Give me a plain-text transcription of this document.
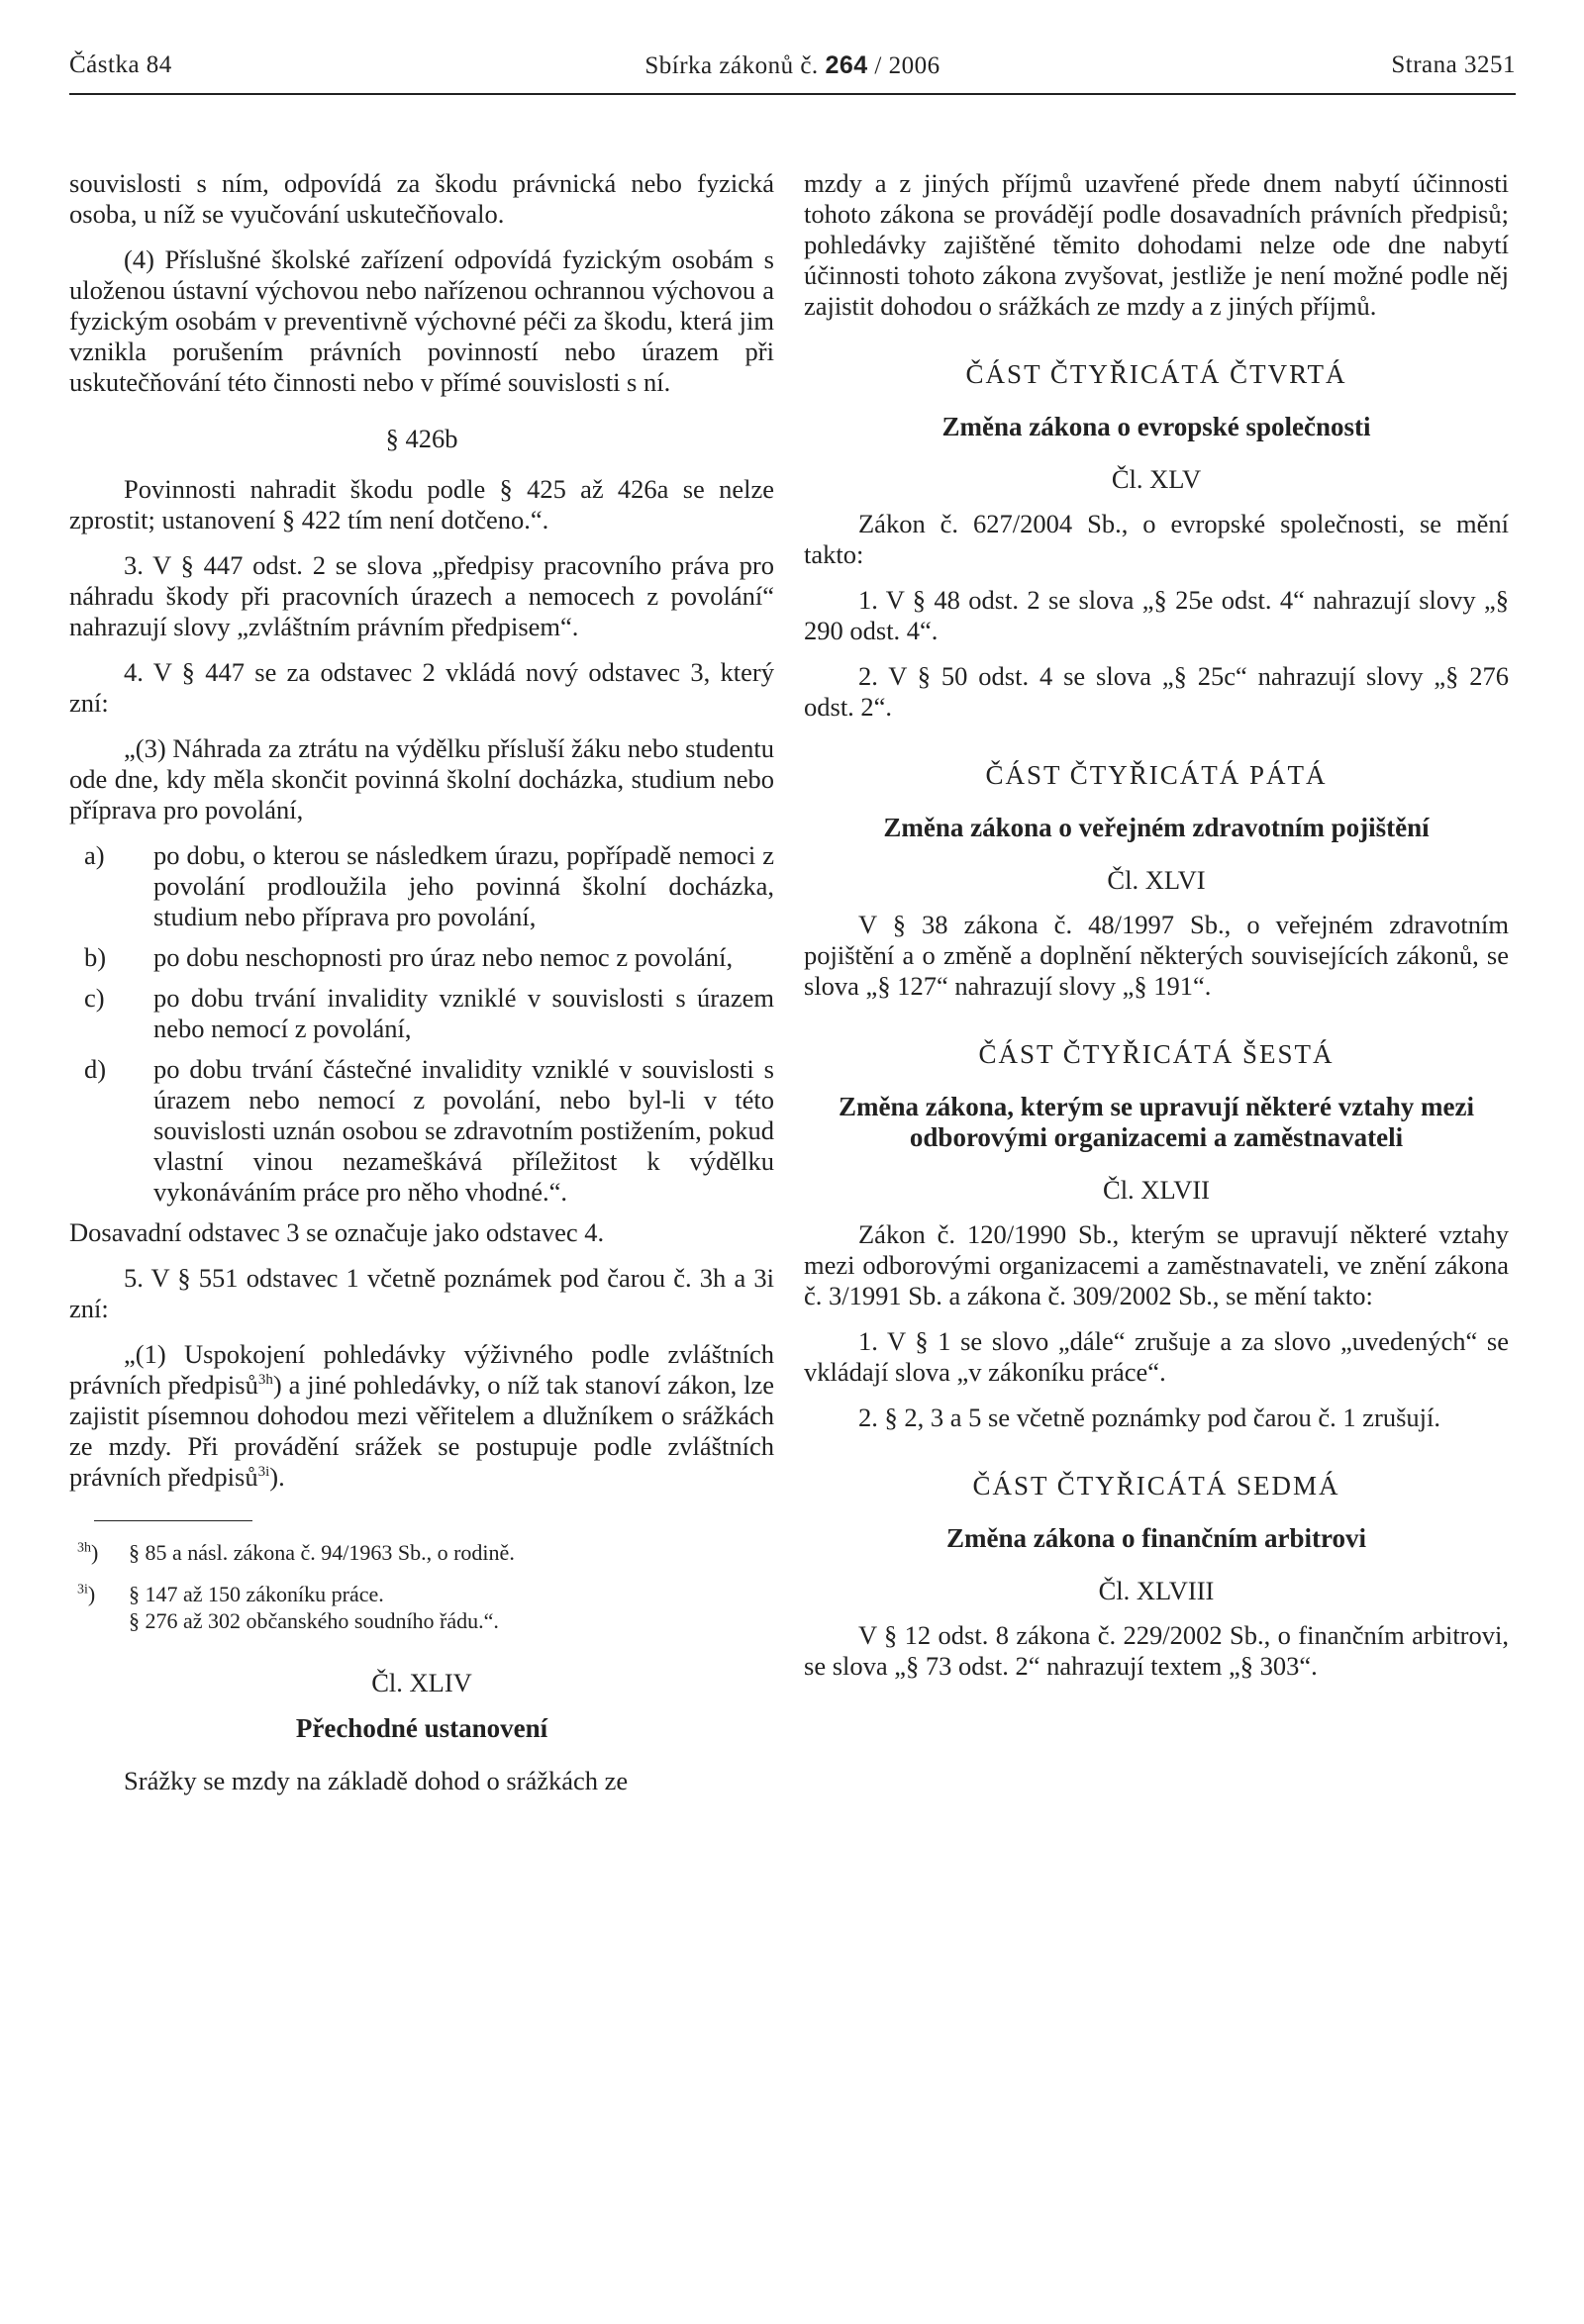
Částka 84	Sbírka zákonů č. 264 / 2006	Strana 3251

souvislosti s ním, odpovídá za škodu právnická nebo fyzická osoba, u níž se vyučování uskutečňovalo.

(4) Příslušné školské zařízení odpovídá fyzickým osobám s uloženou ústavní výchovou nebo nařízenou ochrannou výchovou a fyzickým osobám v preventivně výchovné péči za škodu, která jim vznikla porušením právních povinností nebo úrazem při uskutečňování této činnosti nebo v přímé souvislosti s ní.

§ 426b

Povinnosti nahradit škodu podle § 425 až 426a se nelze zprostit; ustanovení § 422 tím není dotčeno.“.

3. V § 447 odst. 2 se slova „předpisy pracovního práva pro náhradu škody při pracovních úrazech a nemocech z povolání“ nahrazují slovy „zvláštním právním předpisem“.

4. V § 447 se za odstavec 2 vkládá nový odstavec 3, který zní:

„(3) Náhrada za ztrátu na výdělku přísluší žáku nebo studentu ode dne, kdy měla skončit povinná školní docházka, studium nebo příprava pro povolání,

a) po dobu, o kterou se následkem úrazu, popřípadě nemoci z povolání prodloužila jeho povinná školní docházka, studium nebo příprava pro povolání,
b) po dobu neschopnosti pro úraz nebo nemoc z povolání,
c) po dobu trvání invalidity vzniklé v souvislosti s úrazem nebo nemocí z povolání,
d) po dobu trvání částečné invalidity vzniklé v souvislosti s úrazem nebo nemocí z povolání, nebo byl-li v této souvislosti uznán osobou se zdravotním postižením, pokud vlastní vinou nezameškává příležitost k výdělku vykonáváním práce pro něho vhodné.“.

Dosavadní odstavec 3 se označuje jako odstavec 4.

5. V § 551 odstavec 1 včetně poznámek pod čarou č. 3h a 3i zní:

„(1) Uspokojení pohledávky výživného podle zvláštních právních předpisů$^{3h}$) a jiné pohledávky, o níž tak stanoví zákon, lze zajistit písemnou dohodou mezi věřitelem a dlužníkem o srážkách ze mzdy. Při provádění srážek se postupuje podle zvláštních právních předpisů$^{3i}$).

$^{3h}$) § 85 a násl. zákona č. 94/1963 Sb., o rodině.

$^{3i}$) § 147 až 150 zákoníku práce.
§ 276 až 302 občanského soudního řádu.“.

Čl. XLIV

Přechodné ustanovení

Srážky se mzdy na základě dohod o srážkách ze

mzdy a z jiných příjmů uzavřené přede dnem nabytí účinnosti tohoto zákona se provádějí podle dosavadních právních předpisů; pohledávky zajištěné těmito dohodami nelze ode dne nabytí účinnosti tohoto zákona zvyšovat, jestliže je není možné podle něj zajistit dohodou o srážkách ze mzdy a z jiných příjmů.

ČÁST ČTYŘICÁTÁ ČTVRTÁ

Změna zákona o evropské společnosti

Čl. XLV

Zákon č. 627/2004 Sb., o evropské společnosti, se mění takto:

1. V § 48 odst. 2 se slova „§ 25e odst. 4“ nahrazují slovy „§ 290 odst. 4“.

2. V § 50 odst. 4 se slova „§ 25c“ nahrazují slovy „§ 276 odst. 2“.

ČÁST ČTYŘICÁTÁ PÁTÁ

Změna zákona o veřejném zdravotním pojištění

Čl. XLVI

V § 38 zákona č. 48/1997 Sb., o veřejném zdravotním pojištění a o změně a doplnění některých souvisejících zákonů, se slova „§ 127“ nahrazují slovy „§ 191“.

ČÁST ČTYŘICÁTÁ ŠESTÁ

Změna zákona, kterým se upravují některé vztahy mezi odborovými organizacemi a zaměstnavateli

Čl. XLVII

Zákon č. 120/1990 Sb., kterým se upravují některé vztahy mezi odborovými organizacemi a zaměstnavateli, ve znění zákona č. 3/1991 Sb. a zákona č. 309/2002 Sb., se mění takto:

1. V § 1 se slovo „dále“ zrušuje a za slovo „uvedených“ se vkládají slova „v zákoníku práce“.

2. § 2, 3 a 5 se včetně poznámky pod čarou č. 1 zrušují.

ČÁST ČTYŘICÁTÁ SEDMÁ

Změna zákona o finančním arbitrovi

Čl. XLVIII

V § 12 odst. 8 zákona č. 229/2002 Sb., o finančním arbitrovi, se slova „§ 73 odst. 2“ nahrazují textem „§ 303“.
